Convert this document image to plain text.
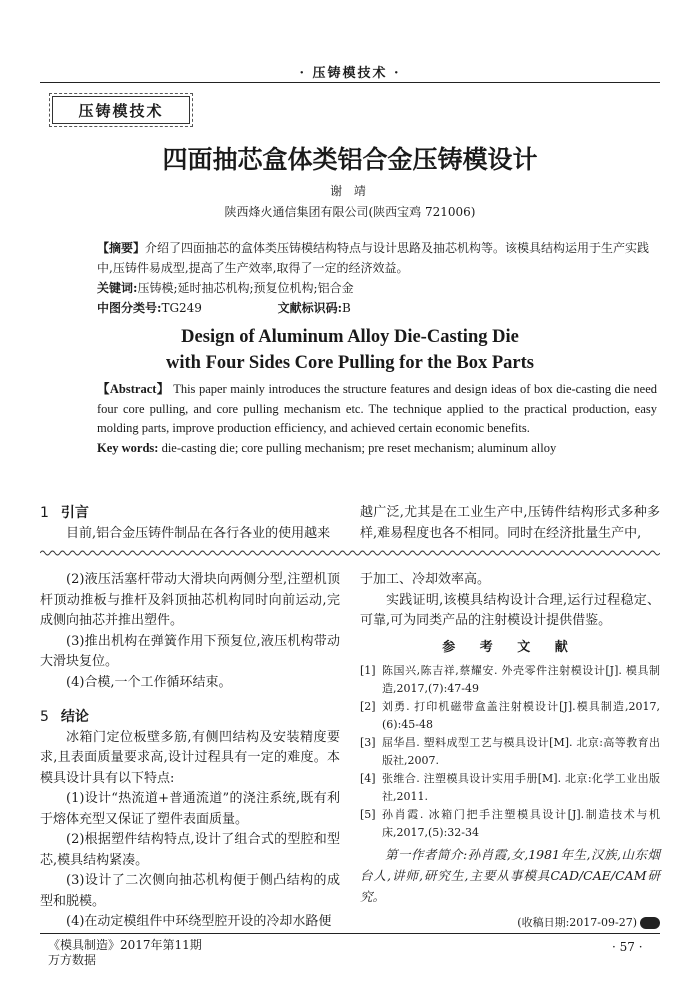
· 压铸模技术 ·
压铸模技术
四面抽芯盒体类铝合金压铸模设计
谢 靖
陕西烽火通信集团有限公司(陕西宝鸡 721006)
【摘要】介绍了四面抽芯的盒体类压铸模结构特点与设计思路及抽芯机构等。该模具结构运用于生产实践中,压铸件易成型,提高了生产效率,取得了一定的经济效益。
关键词:压铸模;延时抽芯机构;预复位机构;铝合金
中图分类号:TG249	文献标识码:B
Design of Aluminum Alloy Die-Casting Die
with Four Sides Core Pulling for the Box Parts
【Abstract】 This paper mainly introduces the structure features and design ideas of box die-casting die need four core pulling, and core pulling mechanism etc. The technique applied to the practical production, easy molding parts, improve production efficiency, and achieved certain economic benefits.
Key words: die-casting die; core pulling mechanism; pre reset mechanism; aluminum alloy
1 引言
目前,铝合金压铸件制品在各行各业的使用越来
越广泛,尤其是在工业生产中,压铸件结构形式多种多样,难易程度也各不相同。同时在经济批量生产中,
(2)液压活塞杆带动大滑块向两侧分型,注塑机顶杆顶动推板与推杆及斜顶抽芯机构同时向前运动,完成侧向抽芯并推出塑件。
(3)推出机构在弹簧作用下预复位,液压机构带动大滑块复位。
(4)合模,一个工作循环结束。
5 结论
冰箱门定位板壁多筋,有侧凹结构及安装精度要求,且表面质量要求高,设计过程具有一定的难度。本模具设计具有以下特点:
(1)设计“热流道+普通流道”的浇注系统,既有利于熔体充型又保证了塑件表面质量。
(2)根据塑件结构特点,设计了组合式的型腔和型芯,模具结构紧凑。
(3)设计了二次侧向抽芯机构便于侧凸结构的成型和脱模。
(4)在动定模组件中环绕型腔开设的冷却水路便
于加工、冷却效率高。
实践证明,该模具结构设计合理,运行过程稳定、可靠,可为同类产品的注射模设计提供借鉴。
参 考 文 献
[1] 陈国兴,陈吉祥,蔡耀安. 外壳零件注射模设计[J]. 模具制造,2017,(7):47-49
[2] 刘勇. 打印机磁带盒盖注射模设计[J].模具制造,2017,(6):45-48
[3] 屈华昌. 塑料成型工艺与模具设计[M]. 北京:高等教育出版社,2007.
[4] 张维合. 注塑模具设计实用手册[M]. 北京:化学工业出版社,2011.
[5] 孙肖霞. 冰箱门把手注塑模具设计[J].制造技术与机床,2017,(5):32-34
第一作者简介:孙肖霞,女,1981年生,汉族,山东烟台人,讲师,研究生,主要从事模具CAD/CAE/CAM研究。
(收稿日期:2017-09-27)
《模具制造》2017年第11期
万方数据
· 57 ·
